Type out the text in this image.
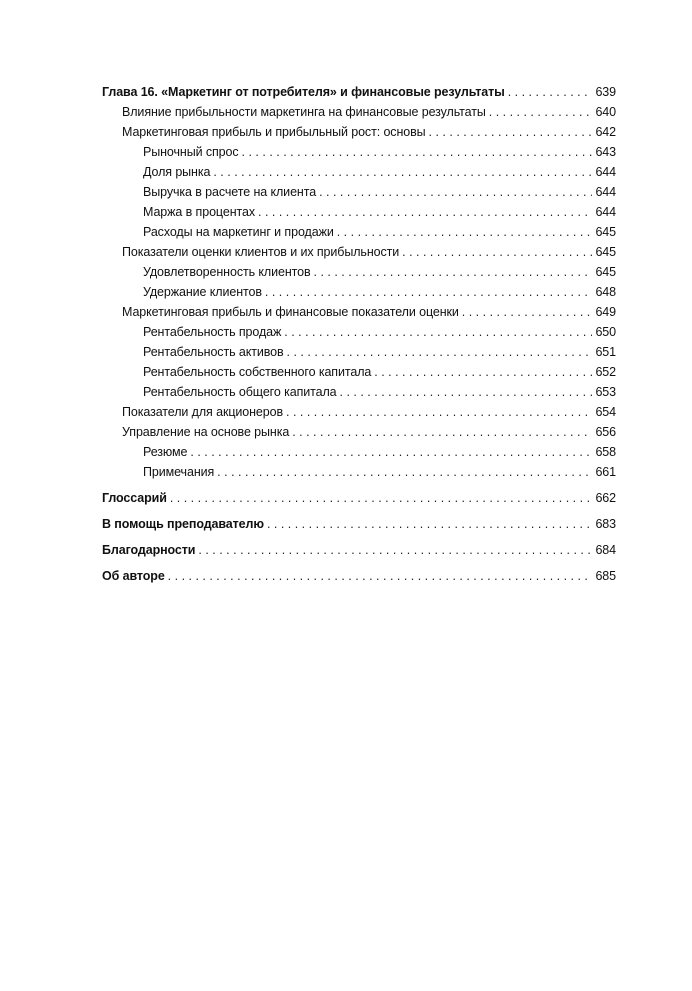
Глава 16. «Маркетинг от потребителя» и финансовые результаты . . .	639
Влияние прибыльности маркетинга на финансовые результаты . . .	640
Маркетинговая прибыль и прибыльный рост: основы . . .	642
Рыночный спрос . . .	643
Доля рынка . . .	644
Выручка в расчете на клиента . . .	644
Маржа в процентах . . .	644
Расходы на маркетинг и продажи . . .	645
Показатели оценки клиентов и их прибыльности . . .	645
Удовлетворенность клиентов . . .	645
Удержание клиентов . . .	648
Маркетинговая прибыль и финансовые показатели оценки . . .	649
Рентабельность продаж . . .	650
Рентабельность активов . . .	651
Рентабельность собственного капитала . . .	652
Рентабельность общего капитала . . .	653
Показатели для акционеров . . .	654
Управление на основе рынка . . .	656
Резюме . . .	658
Примечания . . .	661
Глоссарий . . .	662
В помощь преподавателю . . .	683
Благодарности . . .	684
Об авторе . . .	685
